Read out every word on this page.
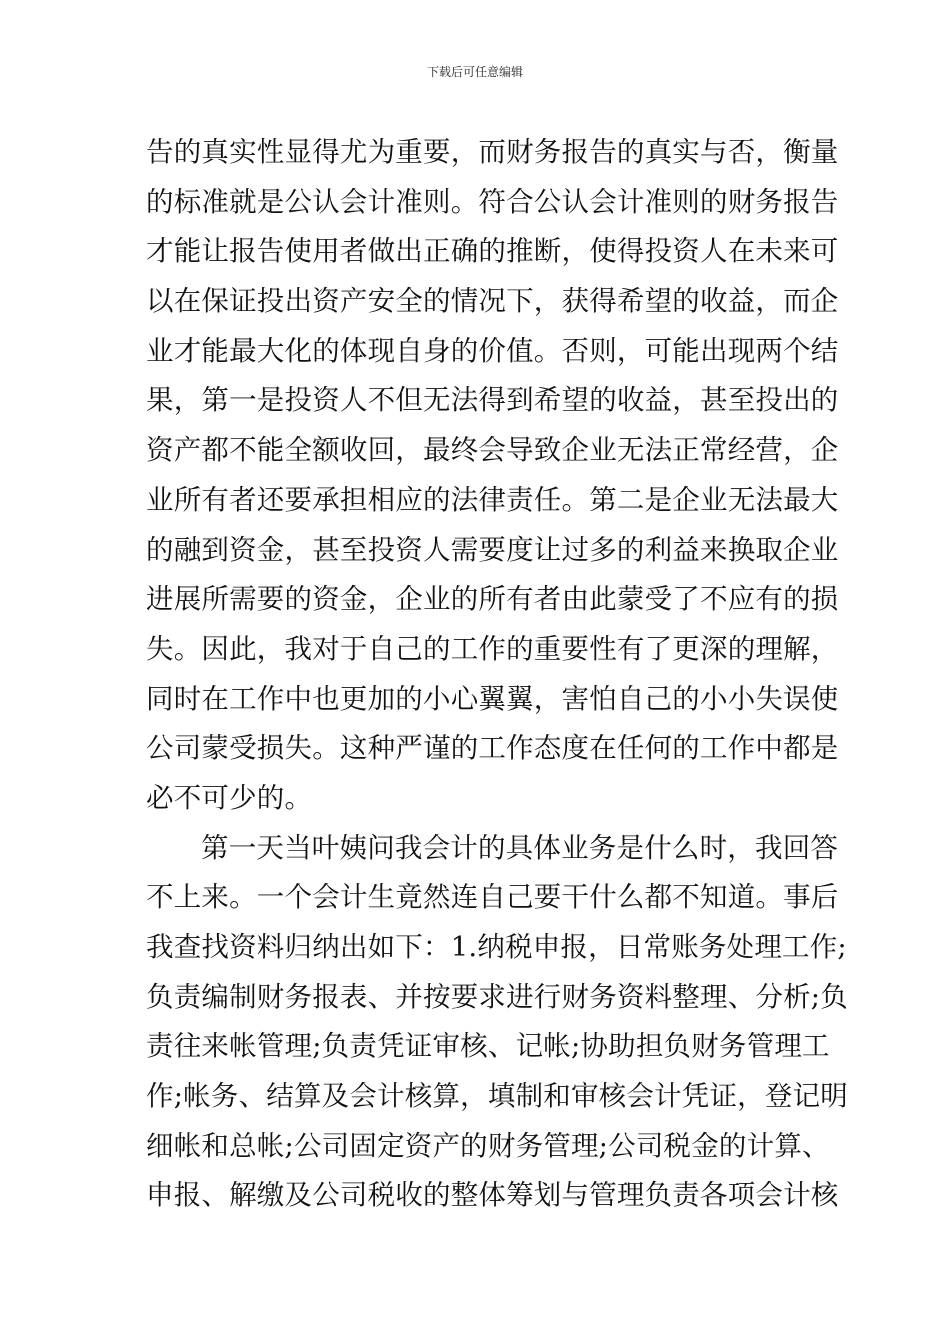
下载后可任意编辑
告的真实性显得尤为重要，而财务报告的真实与否，衡量
的标准就是公认会计准则。符合公认会计准则的财务报告
才能让报告使用者做出正确的推断，使得投资人在未来可
以在保证投出资产安全的情况下，获得希望的收益，而企
业才能最大化的体现自身的价值。否则，可能出现两个结
果，第一是投资人不但无法得到希望的收益，甚至投出的
资产都不能全额收回，最终会导致企业无法正常经营，企
业所有者还要承担相应的法律责任。第二是企业无法最大
的融到资金，甚至投资人需要度让过多的利益来换取企业
进展所需要的资金，企业的所有者由此蒙受了不应有的损
失。因此，我对于自己的工作的重要性有了更深的理解，
同时在工作中也更加的小心翼翼，害怕自己的小小失误使
公司蒙受损失。这种严谨的工作态度在任何的工作中都是
必不可少的。
第一天当叶姨问我会计的具体业务是什么时，我回答
不上来。一个会计生竟然连自己要干什么都不知道。事后
我查找资料归纳出如下：1.纳税申报，日常账务处理工作;
负责编制财务报表、并按要求进行财务资料整理、分析;负
责往来帐管理;负责凭证审核、记帐;协助担负财务管理工
作;帐务、结算及会计核算，填制和审核会计凭证，登记明
细帐和总帐;公司固定资产的财务管理;公司税金的计算、
申报、解缴及公司税收的整体筹划与管理负责各项会计核
